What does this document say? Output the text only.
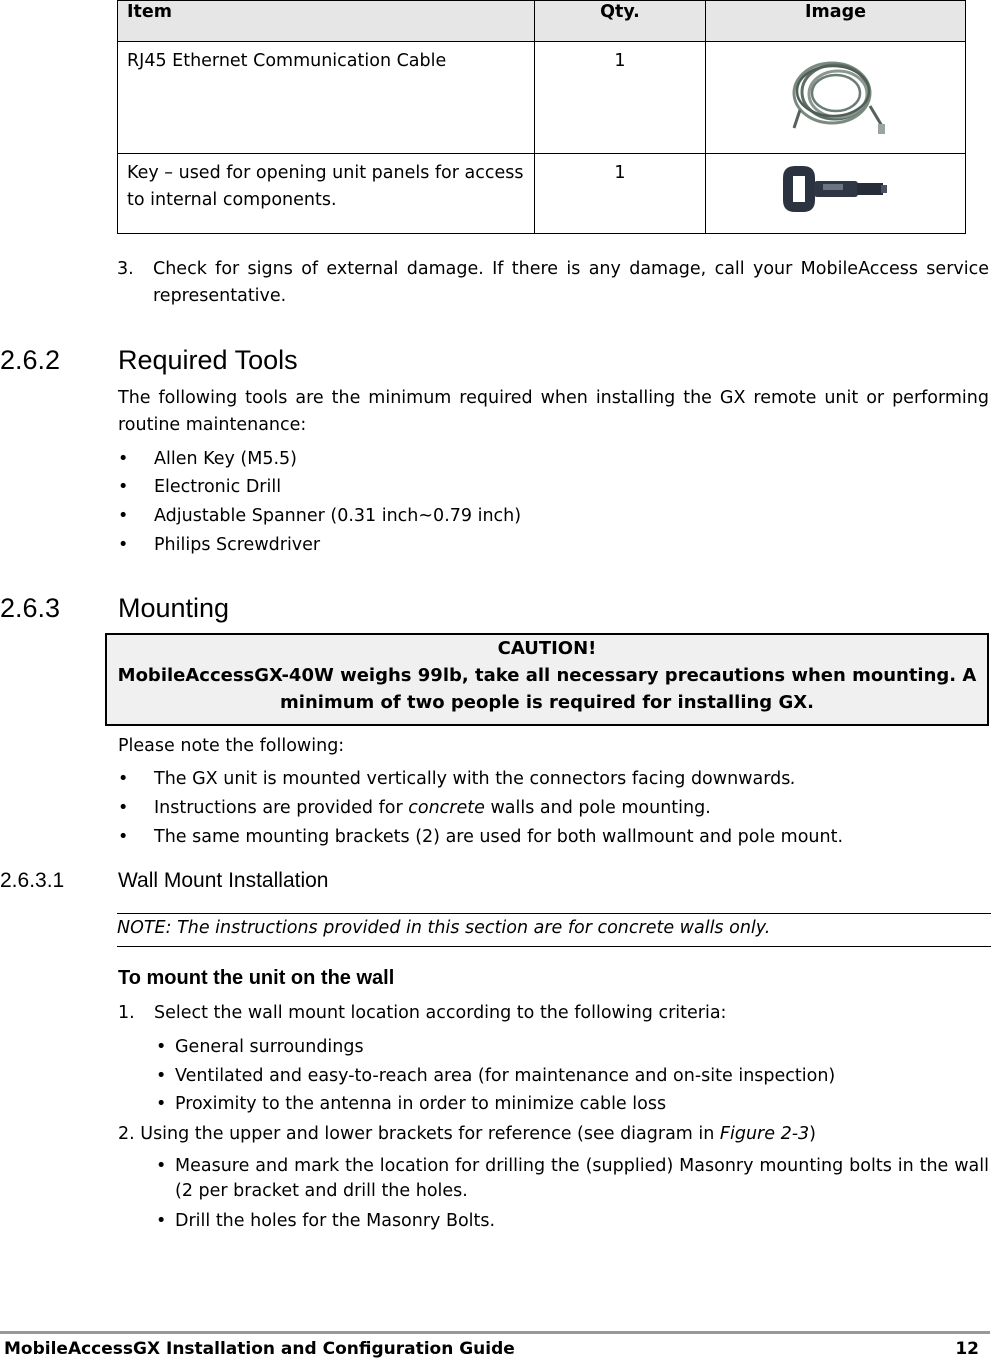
Item	Qty.	Image
RJ45 Ethernet Communication Cable	1	
Key – used for opening unit panels for access to internal components.	1	
3.	Check for signs of external damage. If there is any damage, call your MobileAccess service representative.
2.6.2 Required Tools
The following tools are the minimum required when installing the GX remote unit or performing routine maintenance:
• Allen Key (M5.5)
• Electronic Drill
• Adjustable Spanner (0.31 inch~0.79 inch)
• Philips Screwdriver
2.6.3 Mounting
CAUTION!
MobileAccessGX-40W weighs 99lb, take all necessary precautions when mounting. A minimum of two people is required for installing GX.
Please note the following:
• The GX unit is mounted vertically with the connectors facing downwards.
• Instructions are provided for concrete walls and pole mounting.
• The same mounting brackets (2) are used for both wallmount and pole mount.
2.6.3.1	Wall Mount Installation
NOTE: The instructions provided in this section are for concrete walls only.
To mount the unit on the wall
1. Select the wall mount location according to the following criteria:
• General surroundings
• Ventilated and easy-to-reach area (for maintenance and on-site inspection)
• Proximity to the antenna in order to minimize cable loss
2. Using the upper and lower brackets for reference (see diagram in Figure 2-3)
• Measure and mark the location for drilling the (supplied) Masonry mounting bolts in the wall (2 per bracket and drill the holes.
• Drill the holes for the Masonry Bolts.
MobileAccessGX Installation and Configuration Guide	12
